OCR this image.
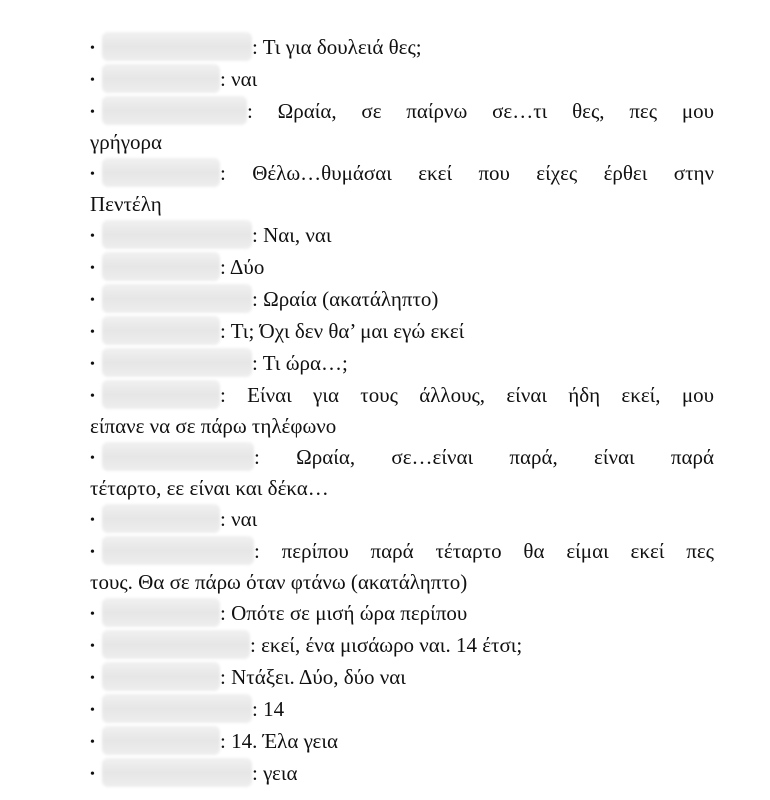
•	: Τι για δουλειά θες;
•	: ναι
•	: Ωραία, σε παίρνω σε…τι θες, πες μου
γρήγορα
•	: Θέλω…θυμάσαι εκεί που είχες έρθει στην
Πεντέλη
•	: Ναι, ναι
•	: Δύο
•	: Ωραία (ακατάληπτο)
•	: Τι; Όχι δεν θα’ μαι εγώ εκεί
•	: Τι ώρα…;
•	: Είναι για τους άλλους, είναι ήδη εκεί, μου
είπανε να σε πάρω τηλέφωνο
•	: Ωραία, σε…είναι παρά, είναι παρά
τέταρτο, εε είναι και δέκα…
•	: ναι
•	: περίπου παρά τέταρτο θα είμαι εκεί πες
τους. Θα σε πάρω όταν φτάνω (ακατάληπτο)
•	: Οπότε σε μισή ώρα περίπου
•	: εκεί, ένα μισάωρο ναι. 14 έτσι;
•	: Ντάξει. Δύο, δύο ναι
•	: 14
•	: 14. Έλα γεια
•	: γεια
